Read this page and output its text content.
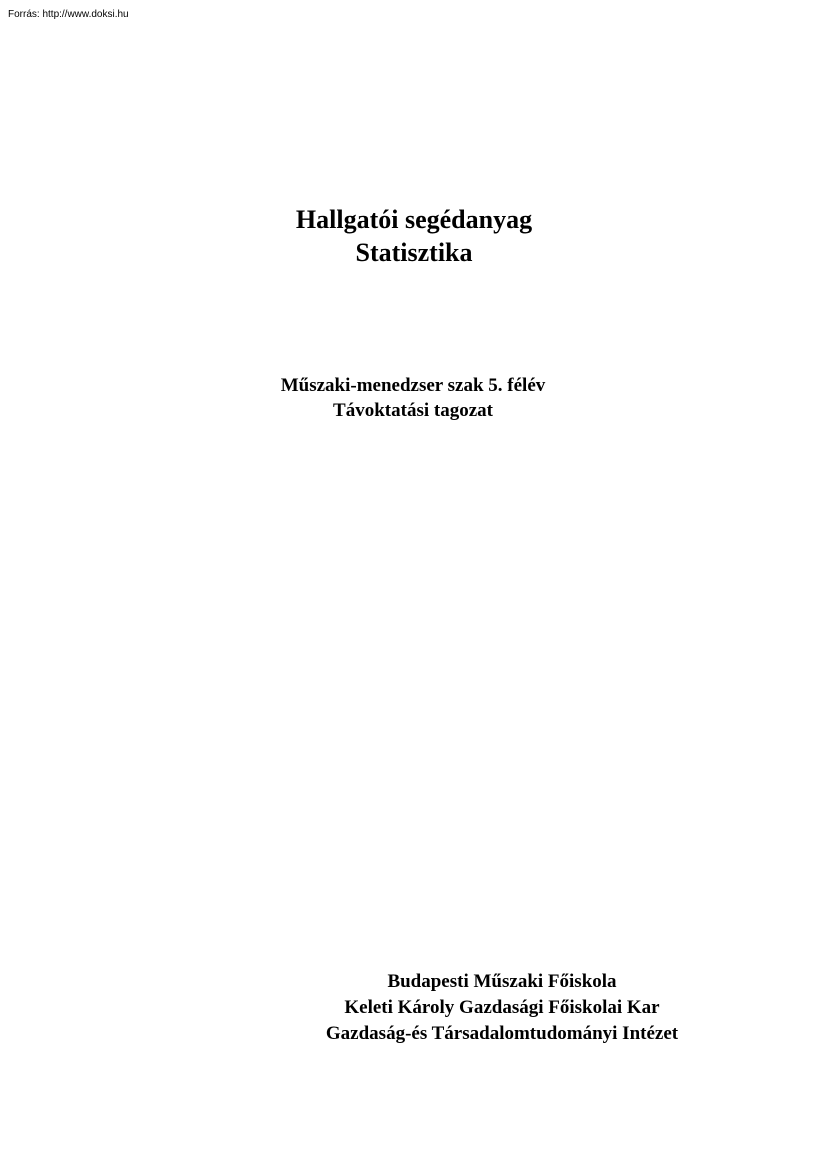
Forrás: http://www.doksi.hu
Hallgatói segédanyag
Statisztika
Műszaki-menedzser szak 5. félév
Távoktatási tagozat
Budapesti Műszaki Főiskola
Keleti Károly Gazdasági Főiskolai Kar
Gazdaság-és Társadalomtudományi Intézet
